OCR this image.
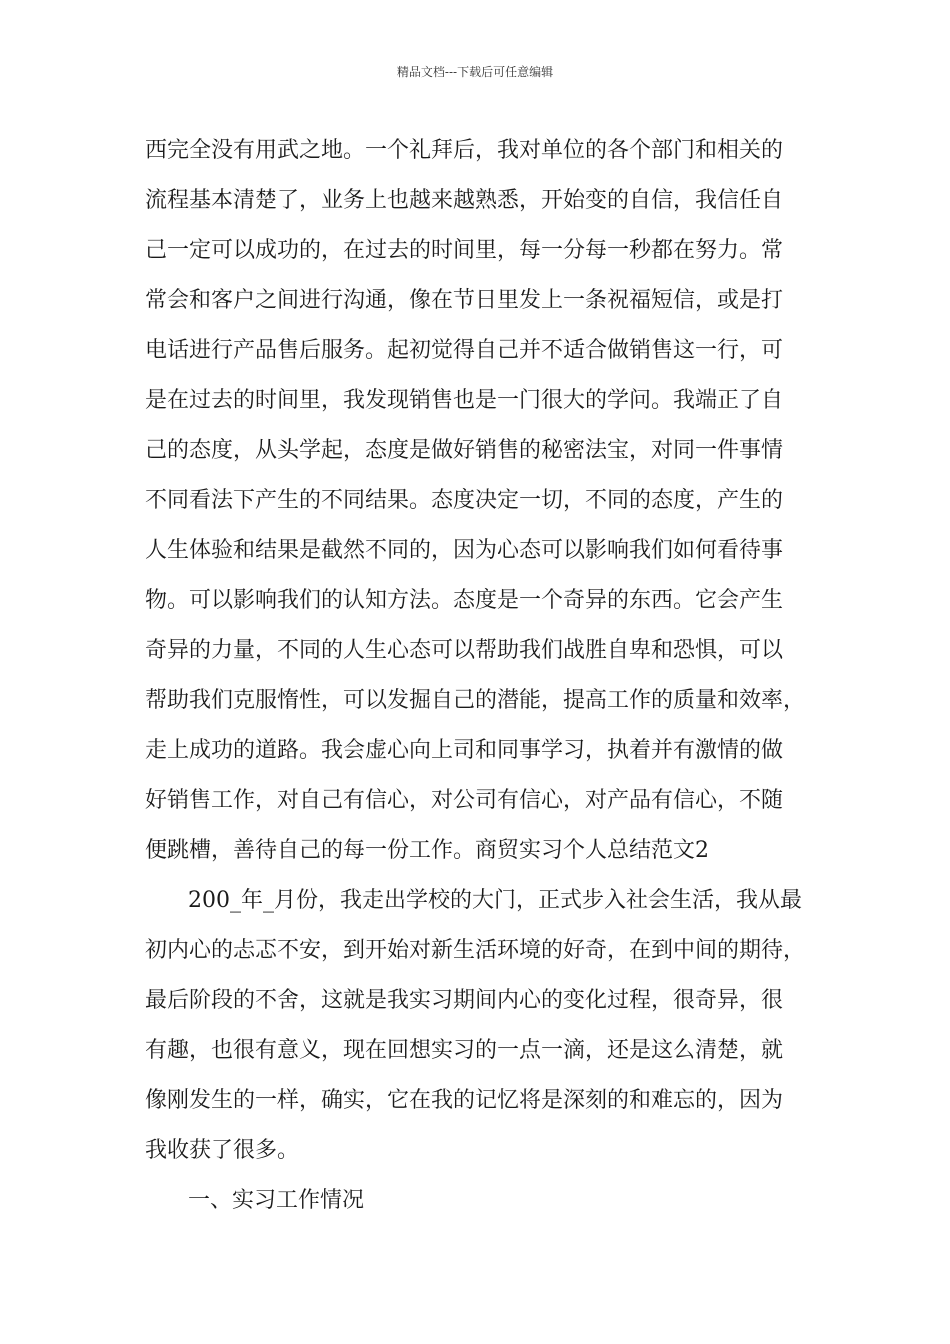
精品文档---下载后可任意编辑
西完全没有用武之地。一个礼拜后，我对单位的各个部门和相关的
流程基本清楚了，业务上也越来越熟悉，开始变的自信，我信任自
己一定可以成功的，在过去的时间里，每一分每一秒都在努力。常
常会和客户之间进行沟通，像在节日里发上一条祝福短信，或是打
电话进行产品售后服务。起初觉得自己并不适合做销售这一行，可
是在过去的时间里，我发现销售也是一门很大的学问。我端正了自
己的态度，从头学起，态度是做好销售的秘密法宝，对同一件事情
不同看法下产生的不同结果。态度决定一切，不同的态度，产生的
人生体验和结果是截然不同的，因为心态可以影响我们如何看待事
物。可以影响我们的认知方法。态度是一个奇异的东西。它会产生
奇异的力量，不同的人生心态可以帮助我们战胜自卑和恐惧，可以
帮助我们克服惰性，可以发掘自己的潜能，提高工作的质量和效率，
走上成功的道路。我会虚心向上司和同事学习，执着并有激情的做
好销售工作，对自己有信心，对公司有信心，对产品有信心，不随
便跳槽，善待自己的每一份工作。商贸实习个人总结范文2
200_年_月份，我走出学校的大门，正式步入社会生活，我从最
初内心的忐忑不安，到开始对新生活环境的好奇，在到中间的期待，
最后阶段的不舍，这就是我实习期间内心的变化过程，很奇异，很
有趣，也很有意义，现在回想实习的一点一滴，还是这么清楚，就
像刚发生的一样，确实，它在我的记忆将是深刻的和难忘的，因为
我收获了很多。
一、实习工作情况
